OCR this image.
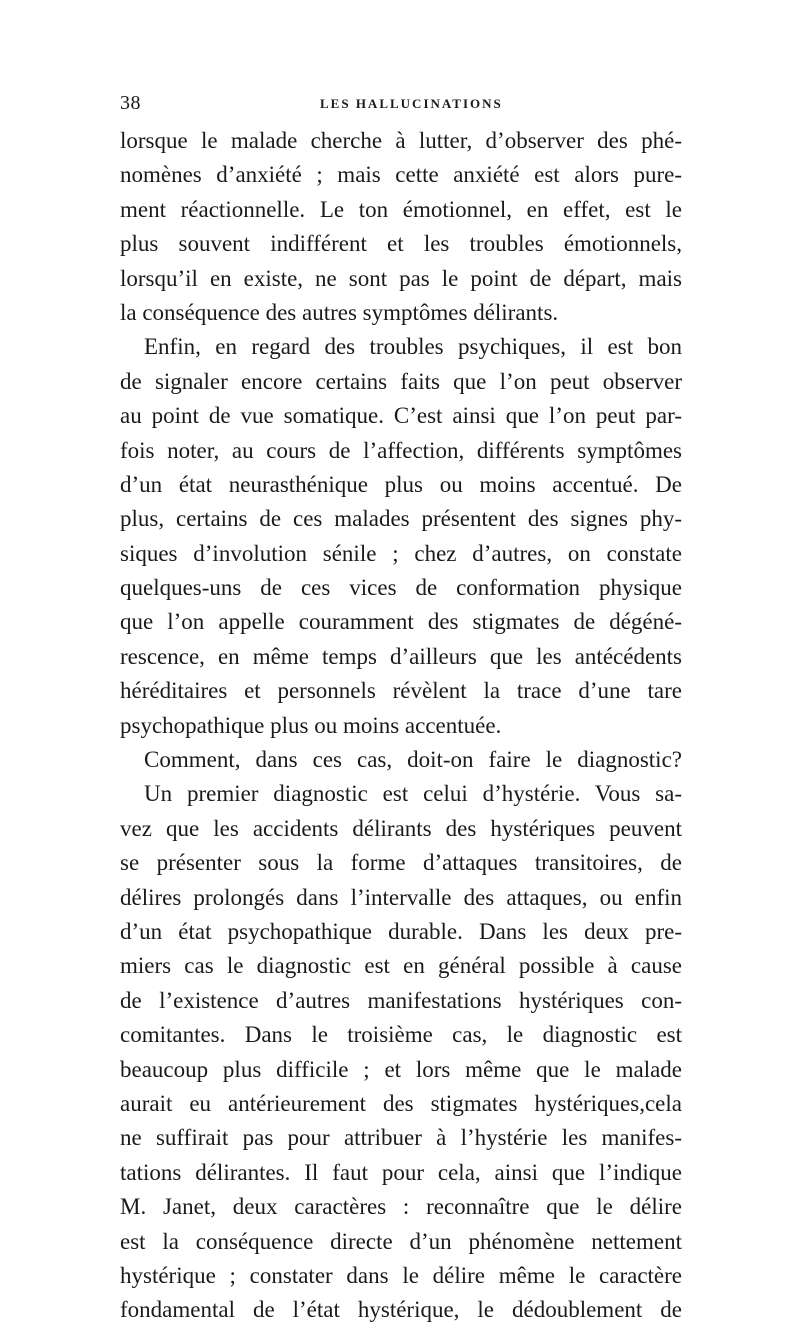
38	LES HALLUCINATIONS
lorsque le malade cherche à lutter, d’observer des phé-
nomènes d’anxiété ; mais cette anxiété est alors pure-
ment réactionnelle. Le ton émotionnel, en effet, est le
plus souvent indifférent et les troubles émotionnels,
lorsqu’il en existe, ne sont pas le point de départ, mais
la conséquence des autres symptômes délirants.
Enfin, en regard des troubles psychiques, il est bon
de signaler encore certains faits que l’on peut observer
au point de vue somatique. C’est ainsi que l’on peut par-
fois noter, au cours de l’affection, différents symptômes
d’un état neurasthénique plus ou moins accentué. De
plus, certains de ces malades présentent des signes phy-
siques d’involution sénile ; chez d’autres, on constate
quelques-uns de ces vices de conformation physique
que l’on appelle couramment des stigmates de dégéné-
rescence, en même temps d’ailleurs que les antécédents
héréditaires et personnels révèlent la trace d’une tare
psychopathique plus ou moins accentuée.
Comment, dans ces cas, doit-on faire le diagnostic?
Un premier diagnostic est celui d’hystérie. Vous sa-
vez que les accidents délirants des hystériques peuvent
se présenter sous la forme d’attaques transitoires, de
délires prolongés dans l’intervalle des attaques, ou enfin
d’un état psychopathique durable. Dans les deux pre-
miers cas le diagnostic est en général possible à cause
de l’existence d’autres manifestations hystériques con-
comitantes. Dans le troisième cas, le diagnostic est
beaucoup plus difficile ; et lors même que le malade
aurait eu antérieurement des stigmates hystériques,cela
ne suffirait pas pour attribuer à l’hystérie les manifes-
tations délirantes. Il faut pour cela, ainsi que l’indique
M. Janet, deux caractères : reconnaître que le délire
est la conséquence directe d’un phénomène nettement
hystérique ; constater dans le délire même le caractère
fondamental de l’état hystérique, le dédoublement de
